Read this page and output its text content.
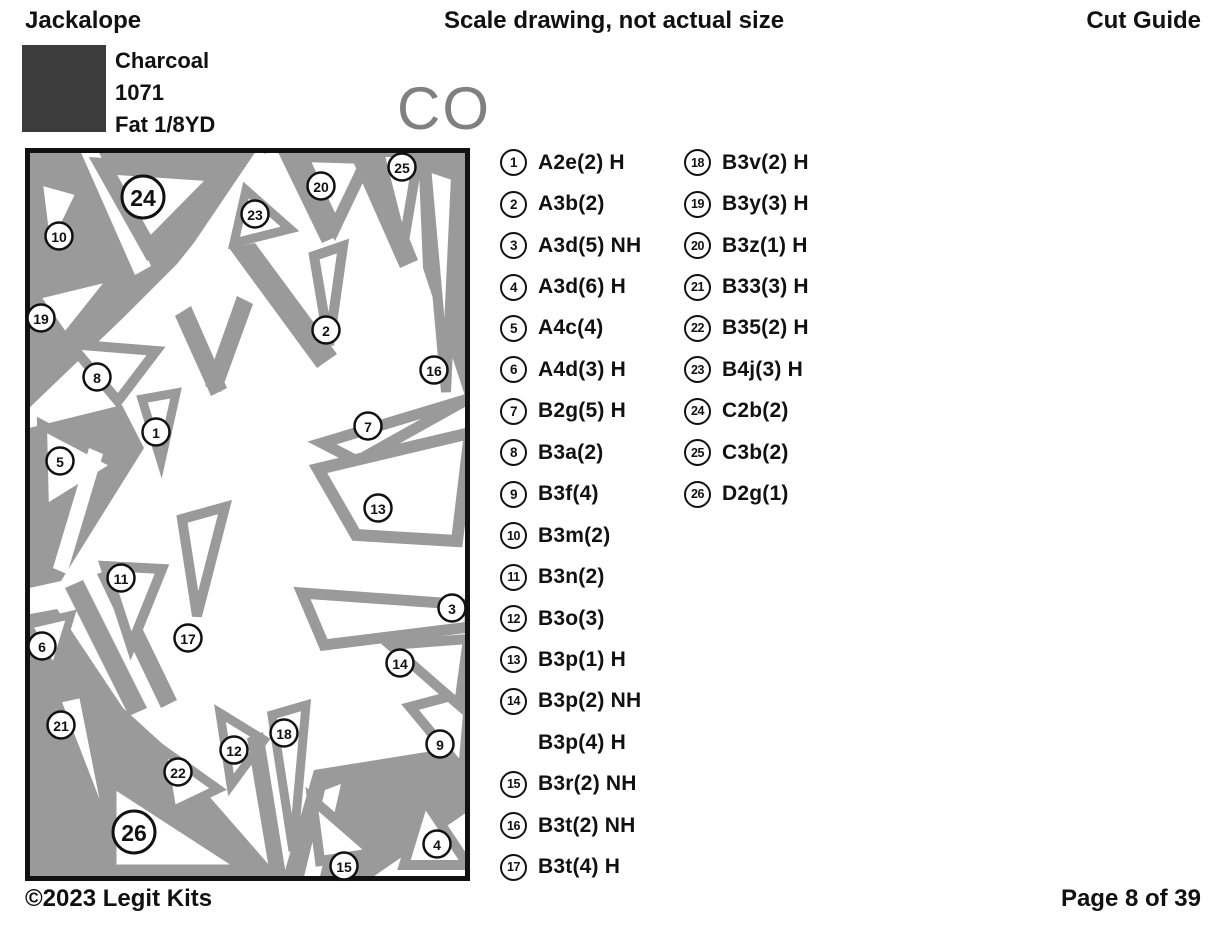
Scale drawing, not actual size
Jackalope	Cut Guide
Charcoal
1071
Fat 1/8YD	CO
1
2
3
4
5
6
7
8
9
10
11
12
13
14
15
16
17
18
19
20
21
22
23
24
25
26
1	A2e(2) H
2	A3b(2)
3	A3d(5) NH
4	A3d(6) H
5	A4c(4)
6	A4d(3) H
7	B2g(5) H
8	B3a(2)
9	B3f(4)
10 B3m(2)
11 B3n(2)
12 B3o(3)
13 B3p(1) H
14 B3p(2) NH
B3p(4) H
15 B3r(2) NH
16 B3t(2) NH
17 B3t(4) H
18 B3v(2) H
19 B3y(3) H
20 B3z(1) H
21 B33(3) H
22 B35(2) H
23 B4j(3) H
24 C2b(2)
25 C3b(2)
26 D2g(1)
©2023 Legit Kits	Page 8 of 39
